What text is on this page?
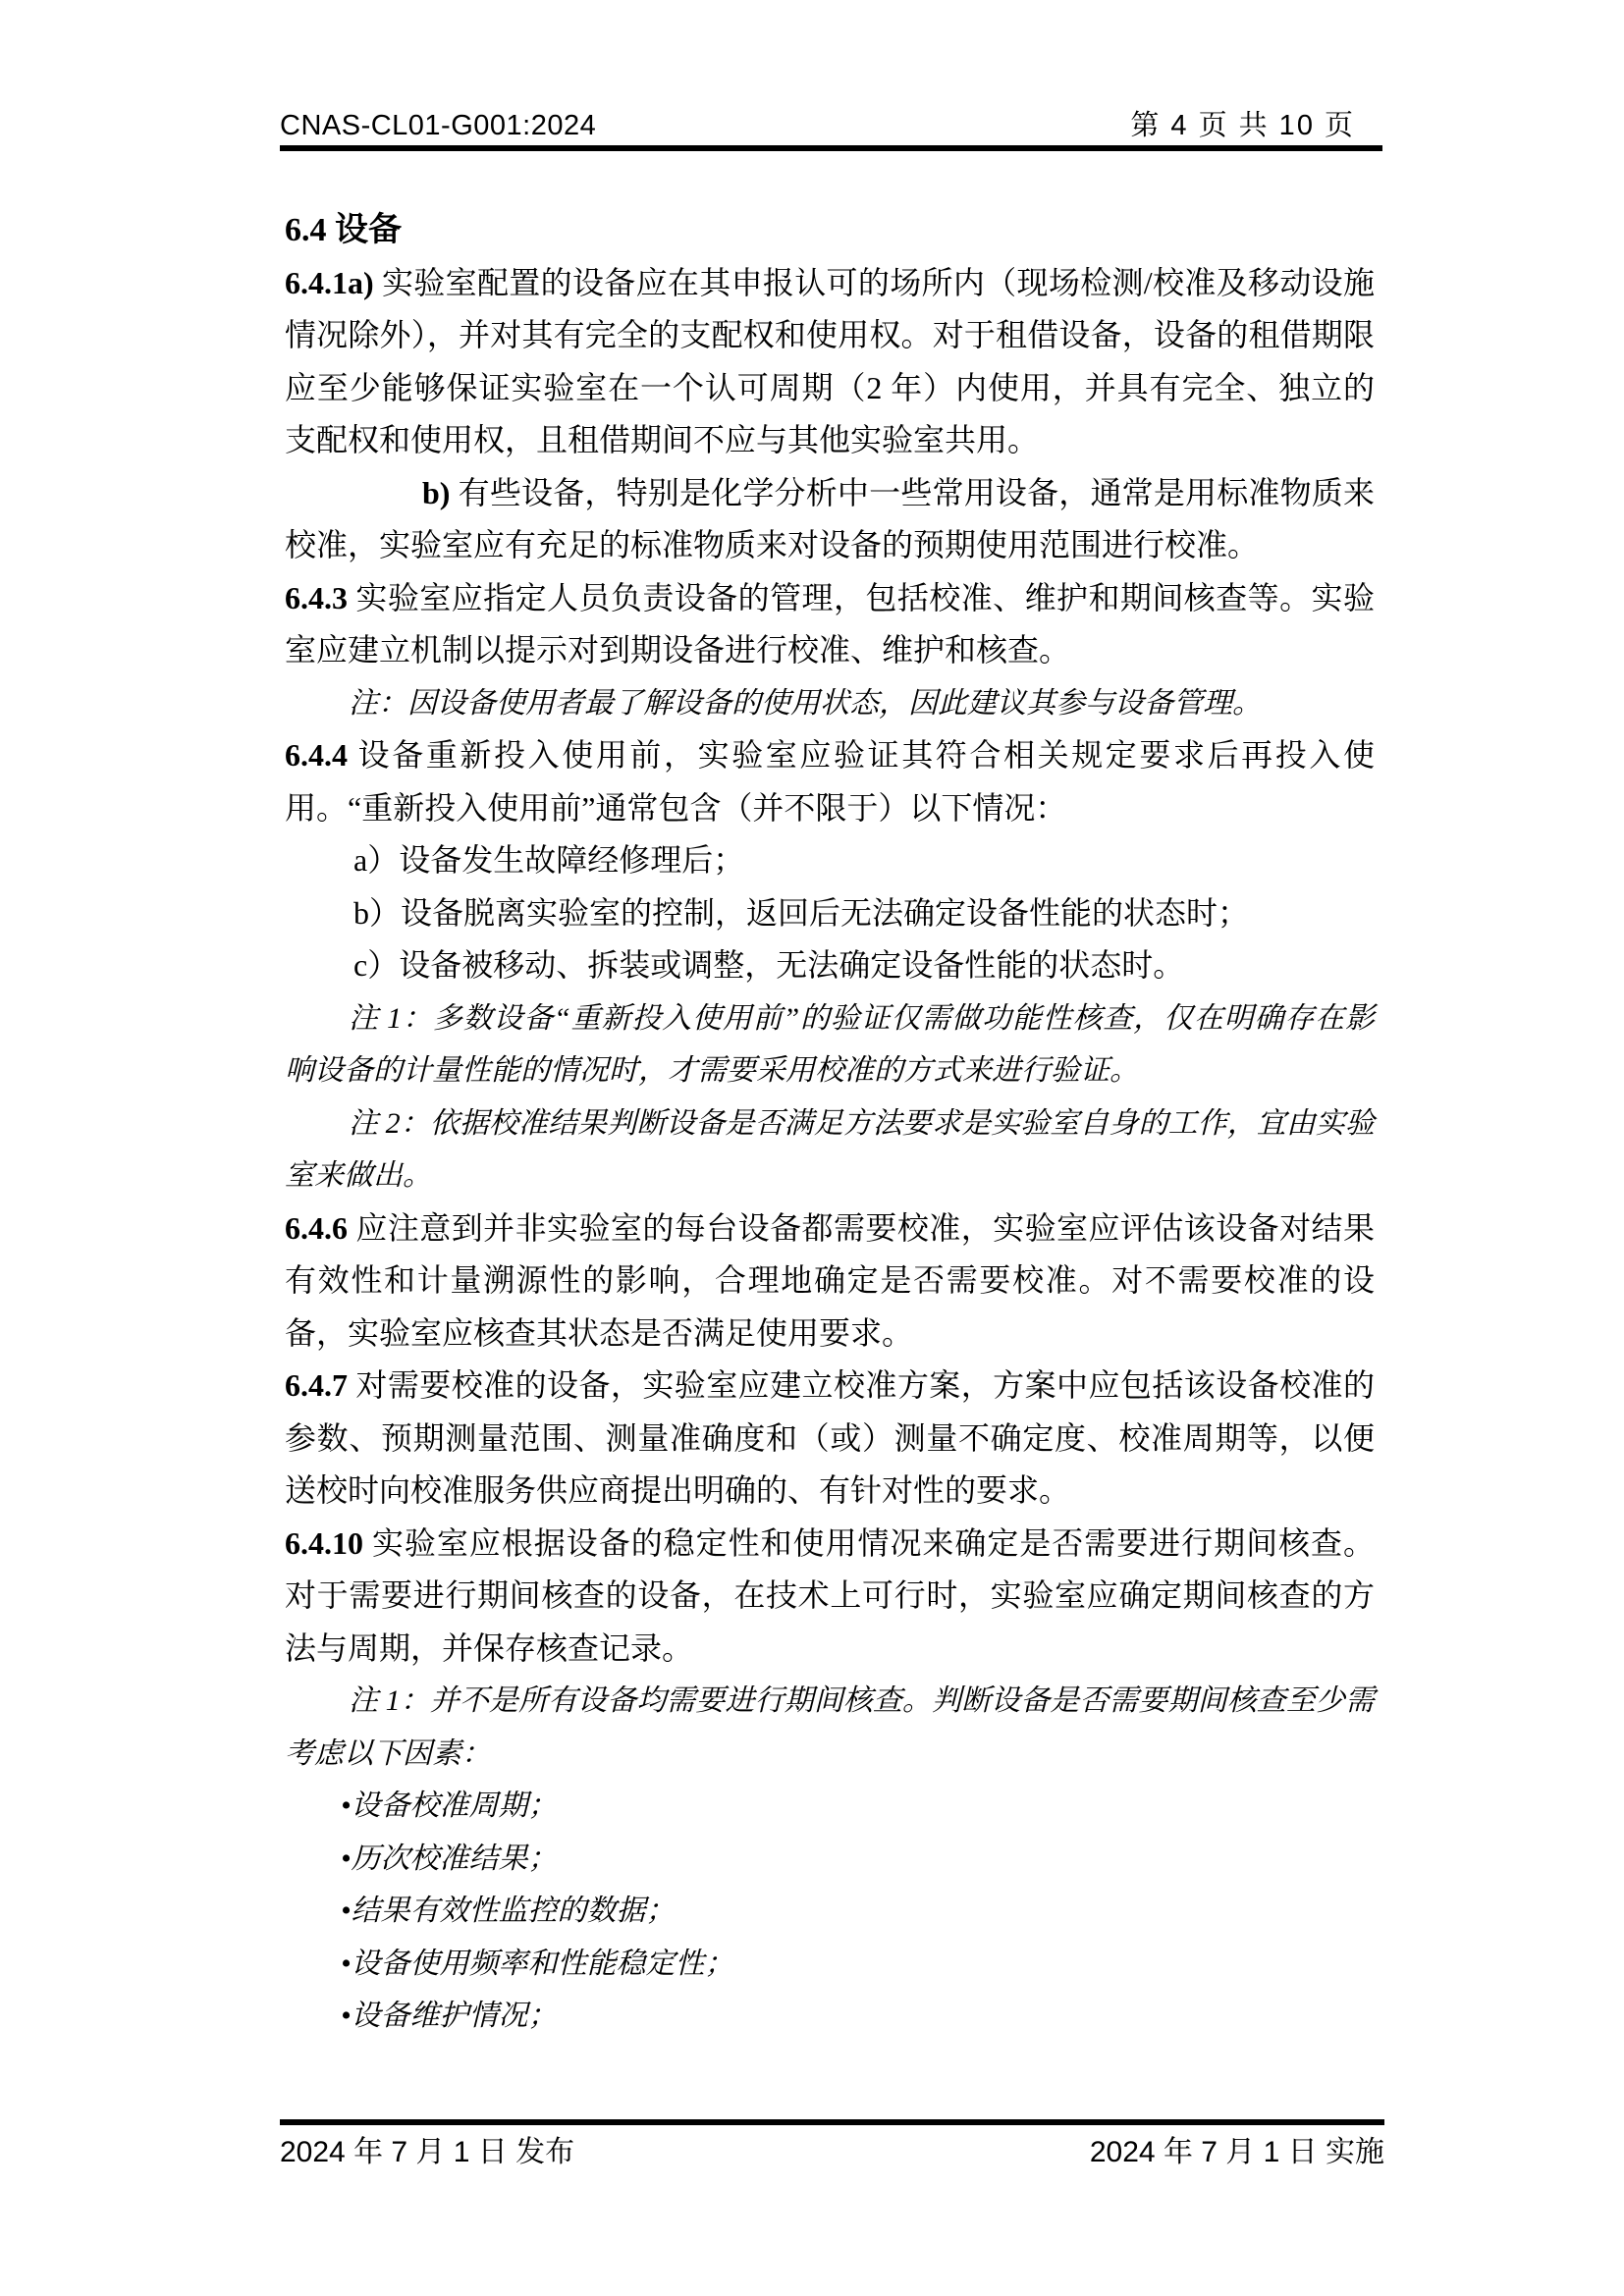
CNAS-CL01-G001:2024	第 4 页 共 10 页

6.4 设备

6.4.1a) 实验室配置的设备应在其申报认可的场所内（现场检测/校准及移动设施情况除外），并对其有完全的支配权和使用权。对于租借设备，设备的租借期限应至少能够保证实验室在一个认可周期（2 年）内使用，并具有完全、独立的支配权和使用权，且租借期间不应与其他实验室共用。

b) 有些设备，特别是化学分析中一些常用设备，通常是用标准物质来校准，实验室应有充足的标准物质来对设备的预期使用范围进行校准。

6.4.3 实验室应指定人员负责设备的管理，包括校准、维护和期间核查等。实验室应建立机制以提示对到期设备进行校准、维护和核查。

注：因设备使用者最了解设备的使用状态，因此建议其参与设备管理。

6.4.4 设备重新投入使用前，实验室应验证其符合相关规定要求后再投入使用。“重新投入使用前”通常包含（并不限于）以下情况：

a）设备发生故障经修理后；

b）设备脱离实验室的控制，返回后无法确定设备性能的状态时；

c）设备被移动、拆装或调整，无法确定设备性能的状态时。

注 1：多数设备“重新投入使用前”的验证仅需做功能性核查，仅在明确存在影响设备的计量性能的情况时，才需要采用校准的方式来进行验证。

注 2：依据校准结果判断设备是否满足方法要求是实验室自身的工作，宜由实验室来做出。

6.4.6 应注意到并非实验室的每台设备都需要校准，实验室应评估该设备对结果有效性和计量溯源性的影响，合理地确定是否需要校准。对不需要校准的设备，实验室应核查其状态是否满足使用要求。

6.4.7 对需要校准的设备，实验室应建立校准方案，方案中应包括该设备校准的参数、预期测量范围、测量准确度和（或）测量不确定度、校准周期等，以便送校时向校准服务供应商提出明确的、有针对性的要求。

6.4.10 实验室应根据设备的稳定性和使用情况来确定是否需要进行期间核查。对于需要进行期间核查的设备，在技术上可行时，实验室应确定期间核查的方法与周期，并保存核查记录。

注 1：并不是所有设备均需要进行期间核查。判断设备是否需要期间核查至少需考虑以下因素：

•设备校准周期；

•历次校准结果；

•结果有效性监控的数据；

•设备使用频率和性能稳定性；

•设备维护情况；

2024 年 7 月 1 日 发布	2024 年 7 月 1 日 实施
